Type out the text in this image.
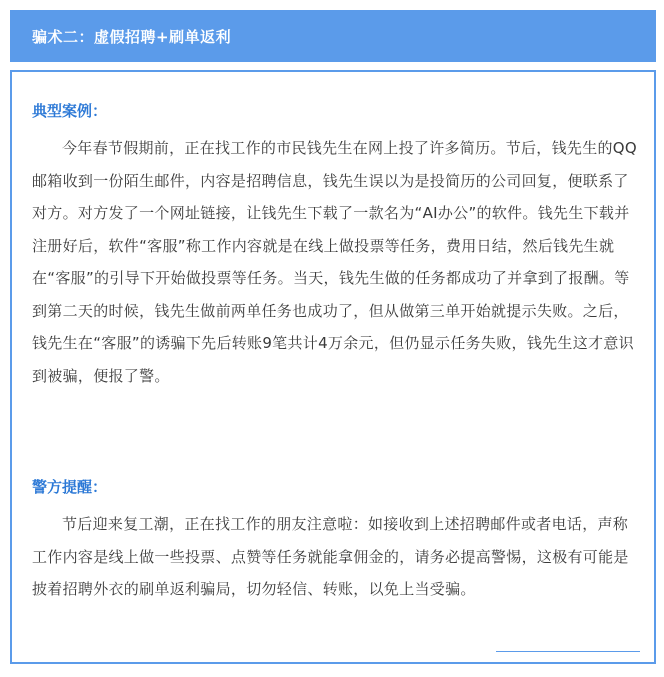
骗术二：虚假招聘+刷单返利
典型案例：

今年春节假期前，正在找工作的市民钱先生在网上投了许多简历。节后，钱先生的QQ邮箱收到一份陌生邮件，内容是招聘信息，钱先生误以为是投简历的公司回复，便联系了对方。对方发了一个网址链接，让钱先生下载了一款名为“AI办公”的软件。钱先生下载并注册好后，软件“客服”称工作内容就是在线上做投票等任务，费用日结，然后钱先生就在“客服”的引导下开始做投票等任务。当天，钱先生做的任务都成功了并拿到了报酬。等到第二天的时候，钱先生做前两单任务也成功了，但从做第三单开始就提示失败。之后，钱先生在“客服”的诱骗下先后转账9笔共计4万余元，但仍显示任务失败，钱先生这才意识到被骗，便报了警。

警方提醒：

节后迎来复工潮，正在找工作的朋友注意啦：如接收到上述招聘邮件或者电话，声称工作内容是线上做一些投票、点赞等任务就能拿佣金的，请务必提高警惕，这极有可能是披着招聘外衣的刷单返利骗局，切勿轻信、转账，以免上当受骗。
